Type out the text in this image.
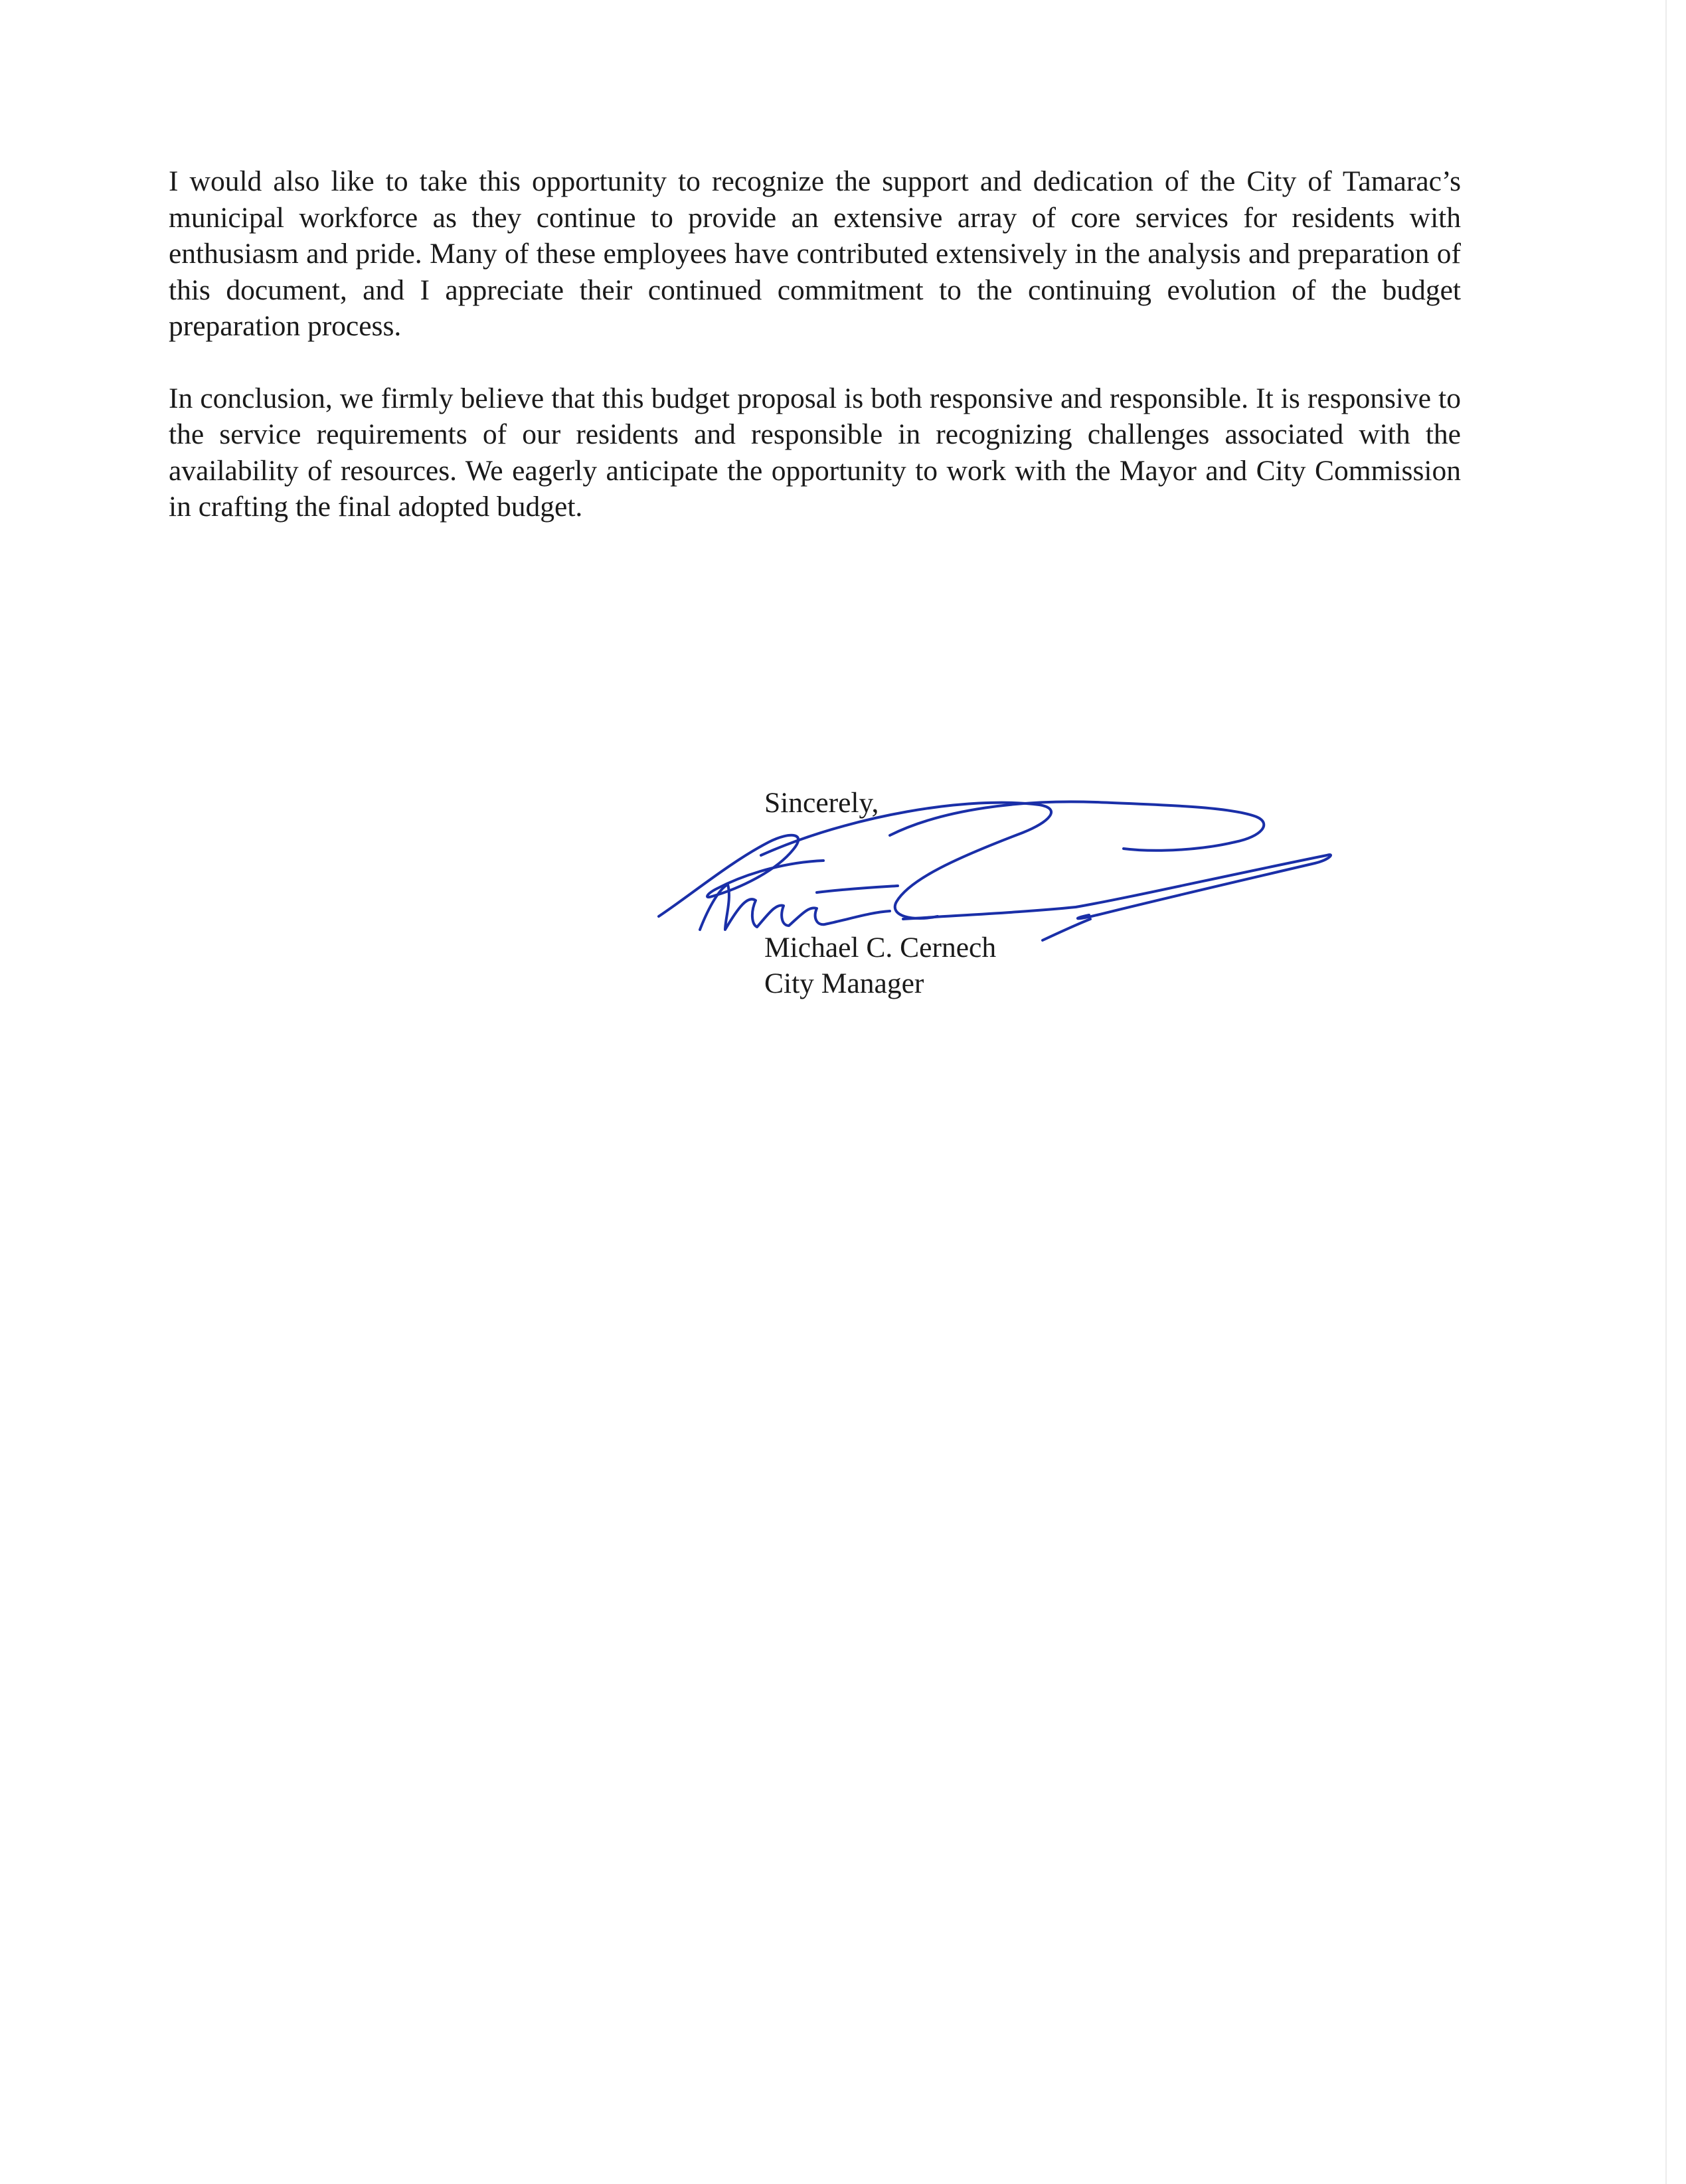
I would also like to take this opportunity to recognize the support and dedication of the City of Tamarac’s municipal workforce as they continue to provide an extensive array of core services for residents with enthusiasm and pride. Many of these employees have contributed extensively in the analysis and preparation of this document, and I appreciate their continued commitment to the continuing evolution of the budget preparation process.

In conclusion, we firmly believe that this budget proposal is both responsive and responsible. It is responsive to the service requirements of our residents and responsible in recognizing challenges associated with the availability of resources. We eagerly anticipate the opportunity to work with the Mayor and City Commission in crafting the final adopted budget.

Sincerely,

Michael C. Cernech

City Manager
